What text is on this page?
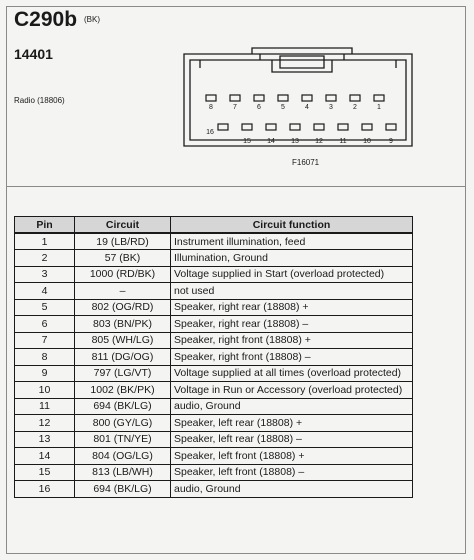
C290b (BK)
14401
Radio (18806)
8	7	6	5	4	3	2	1
16
15 14 13 12 11 10	9
F16071
Pin	Circuit	Circuit function
1	19 (LB/RD)	Instrument illumination, feed
2	57 (BK)	Illumination, Ground
3	1000 (RD/BK)	Voltage supplied in Start (overload protected)
4	–	not used
5	802 (OG/RD)	Speaker, right rear (18808) +
6	803 (BN/PK)	Speaker, right rear (18808) –
7	805 (WH/LG)	Speaker, right front (18808) +
8	811 (DG/OG)	Speaker, right front (18808) –
9	797 (LG/VT)	Voltage supplied at all times (overload protected)
10	1002 (BK/PK)	Voltage in Run or Accessory (overload protected)
11	694 (BK/LG)	audio, Ground
12	800 (GY/LG)	Speaker, left rear (18808) +
13	801 (TN/YE)	Speaker, left rear (18808) –
14	804 (OG/LG)	Speaker, left front (18808) +
15	813 (LB/WH)	Speaker, left front (18808) –
16	694 (BK/LG)	audio, Ground
